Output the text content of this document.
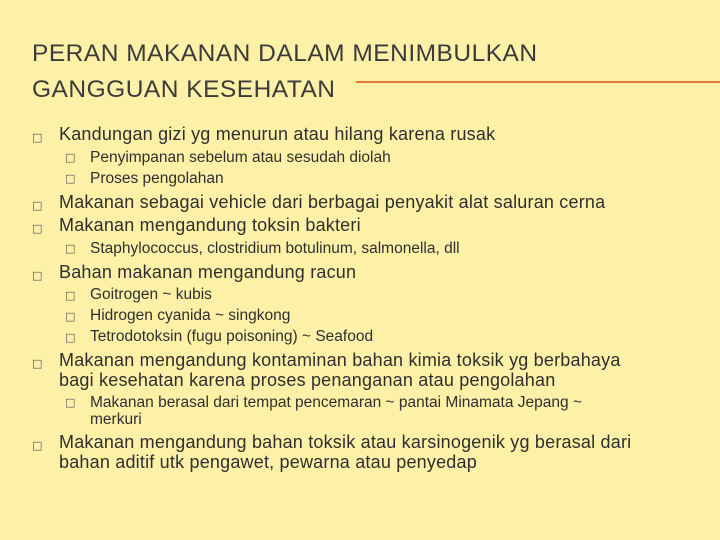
PERAN MAKANAN DALAM MENIMBULKAN
GANGGUAN KESEHATAN
□ Kandungan gizi yg menurun atau hilang karena rusak
□ Penyimpanan sebelum atau sesudah diolah
□ Proses pengolahan
□ Makanan sebagai vehicle dari berbagai penyakit alat saluran cerna
□ Makanan mengandung toksin bakteri
□ Staphylococcus, clostridium botulinum, salmonella, dll
□ Bahan makanan mengandung racun
□ Goitrogen ~ kubis
□ Hidrogen cyanida ~ singkong
□ Tetrodotoksin (fugu poisoning) ~ Seafood
□ Makanan mengandung kontaminan bahan kimia toksik yg berbahaya
bagi kesehatan karena proses penanganan atau pengolahan
□ Makanan berasal dari tempat pencemaran ~ pantai Minamata Jepang ~
merkuri
□ Makanan mengandung bahan toksik atau karsinogenik yg berasal dari
bahan aditif utk pengawet, pewarna atau penyedap
